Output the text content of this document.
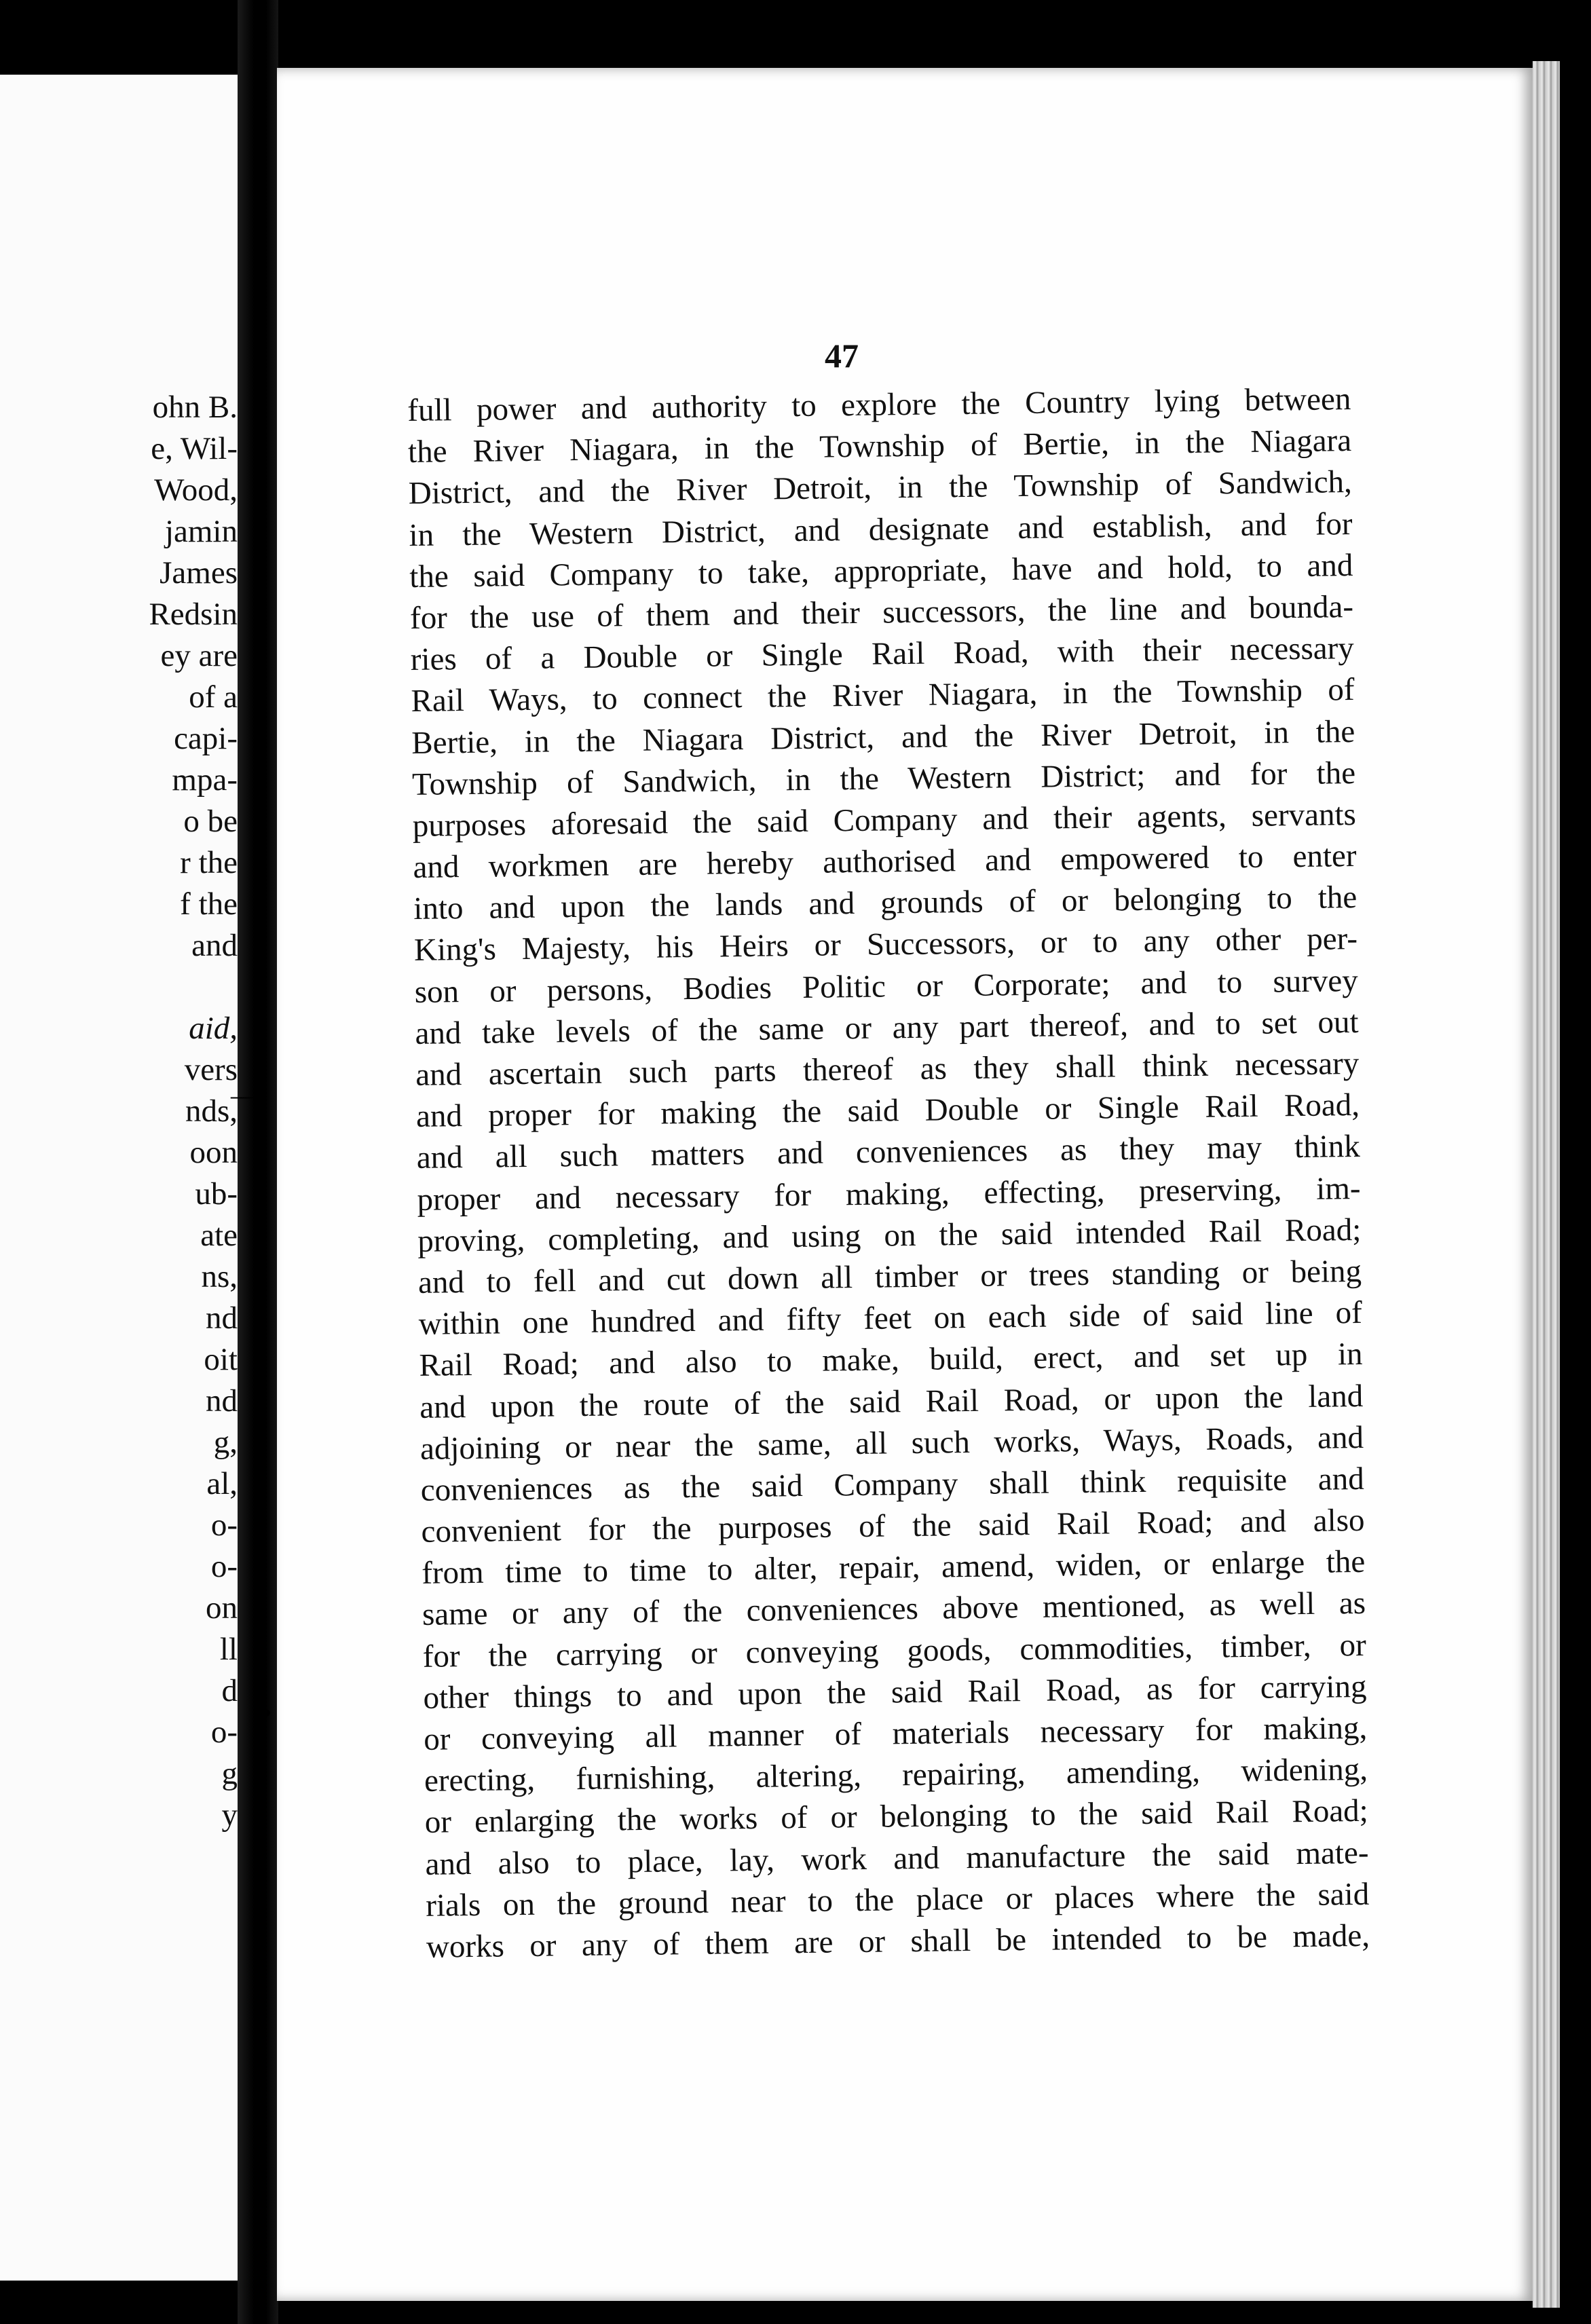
ohn B.
e, Wil-
Wood,
jamin
James
Redsin
ey are
of a
capi-
mpa-
o be
r the
f the
and
aid,
vers
nds,
oon
ub-
ate
ns,
nd
oit
nd
g,
al,
o-
o-
on
ll
d
o-
g
y
47
full power and authority to explore the Country lying between
the River Niagara, in the Township of Bertie, in the Niagara
District, and the River Detroit, in the Township of Sandwich,
in the Western District, and designate and establish, and for
the said Company to take, appropriate, have and hold, to and
for the use of them and their successors, the line and bounda-
ries of a Double or Single Rail Road, with their necessary
Rail Ways, to connect the River Niagara, in the Township of
Bertie, in the Niagara District, and the River Detroit, in the
Township of Sandwich, in the Western District; and for the
purposes aforesaid the said Company and their agents, servants
and workmen are hereby authorised and empowered to enter
into and upon the lands and grounds of or belonging to the
King's Majesty, his Heirs or Successors, or to any other per-
son or persons, Bodies Politic or Corporate; and to survey
and take levels of the same or any part thereof, and to set out
and ascertain such parts thereof as they shall think necessary
and proper for making the said Double or Single Rail Road,
and all such matters and conveniences as they may think
proper and necessary for making, effecting, preserving, im-
proving, completing, and using on the said intended Rail Road;
and to fell and cut down all timber or trees standing or being
within one hundred and fifty feet on each side of said line of
Rail Road; and also to make, build, erect, and set up in
and upon the route of the said Rail Road, or upon the land
adjoining or near the same, all such works, Ways, Roads, and
conveniences as the said Company shall think requisite and
convenient for the purposes of the said Rail Road; and also
from time to time to alter, repair, amend, widen, or enlarge the
same or any of the conveniences above mentioned, as well as
for the carrying or conveying goods, commodities, timber, or
other things to and upon the said Rail Road, as for carrying
or conveying all manner of materials necessary for making,
erecting, furnishing, altering, repairing, amending, widening,
or enlarging the works of or belonging to the said Rail Road;
and also to place, lay, work and manufacture the said mate-
rials on the ground near to the place or places where the said
works or any of them are or shall be intended to be made,
—
•
